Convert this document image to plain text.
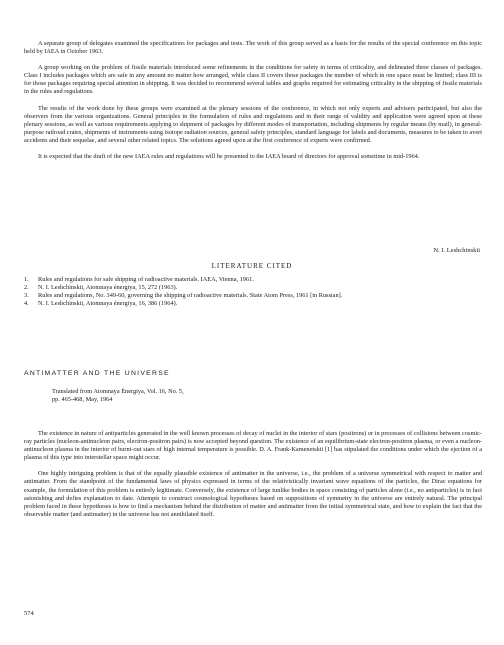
A separate group of delegates examined the specifications for packages and tests. The work of this group served as a basis for the results of the special conference on this topic held by IAEA in October 1963.

A group working on the problem of fissile materials introduced some refinements in the conditions for safety in terms of criticality, and delineated three classes of packages. Class I includes packages which are safe in any amount no matter how arranged, while class II covers those packages the number of which in one space must be limited; class III is for those packages requiring special attention in shipping. It was decided to recommend several tables and graphs required for estimating criticality in the shipping of fissile materials in the rules and regulations.

The results of the work done by these groups were examined at the plenary sessions of the conference, in which not only experts and advisers participated, but also the observers from the various organizations. General principles in the formulation of rules and regulations and in their range of validity and application were agreed upon at these plenary sessions, as well as various requirements applying to shipment of packages by different modes of transportation, including shipments by regular means (by mail), in general-purpose railroad crates, shipments of instruments using isotope radiation sources, general safety principles, standard language for labels and documents, measures to be taken to avert accidents and their sequelae, and several other related topics. The solutions agreed upon at the first conference of experts were confirmed.

It is expected that the draft of the new IAEA rules and regulations will be presented to the IAEA board of directors for approval sometime in mid-1964.

N. I. Leshchinskii
LITERATURE CITED
1.	Rules and regulations for safe shipping of radioactive materials. IAEA, Vienna, 1961.
2.	N. I. Leshchinskii, Atomnaya énergiya, 15, 272 (1963).
3.	Rules and regulations, No. 349-60, governing the shipping of radioactive materials. State Atom Press, 1961 [in Russian].
4.	N. I. Leshchinskii, Atomnaya énergiya, 16, 386 (1964).
ANTIMATTER AND THE UNIVERSE
Translated from Atomnaya Énergiya, Vol. 16, No. 5,
pp. 465-468, May, 1964

The existence in nature of antiparticles generated in the well known processes of decay of nuclei in the interior of stars (positrons) or in processes of collisions between cosmic-ray particles (nucleon-antinucleon pairs, electron-positron pairs) is now accepted beyond question. The existence of an equilibrium-state electron-positron plasma, or even a nucleon-antinucleon plasma in the interior of burnt-out stars of high internal temperature is possible. D. A. Frank-Kamenetskii [1] has stipulated the conditions under which the ejection of a plasma of this type into interstellar space might occur.

One highly intriguing problem is that of the equally plausible existence of antimatter in the universe, i.e., the problem of a universe symmetrical with respect to matter and antimatter. From the standpoint of the fundamental laws of physics expressed in terms of the relativistically invariant wave equations of the particles, the Dirac equations for example, the formulation of this problem is entirely legitimate. Conversely, the existence of large tunlike bodies in space consisting of particles alone (i.e., no antiparticles) is in fact astonishing and defies explanation to date. Attempts to construct cosmological hypotheses based on suppositions of symmetry in the universe are entirely natural. The principal problem faced in these hypotheses is how to find a mechanism behind the distribution of matter and antimatter from the initial symmetrical state, and how to explain the fact that the observable matter (and antimatter) in the universe has not annihilated itself.

574
